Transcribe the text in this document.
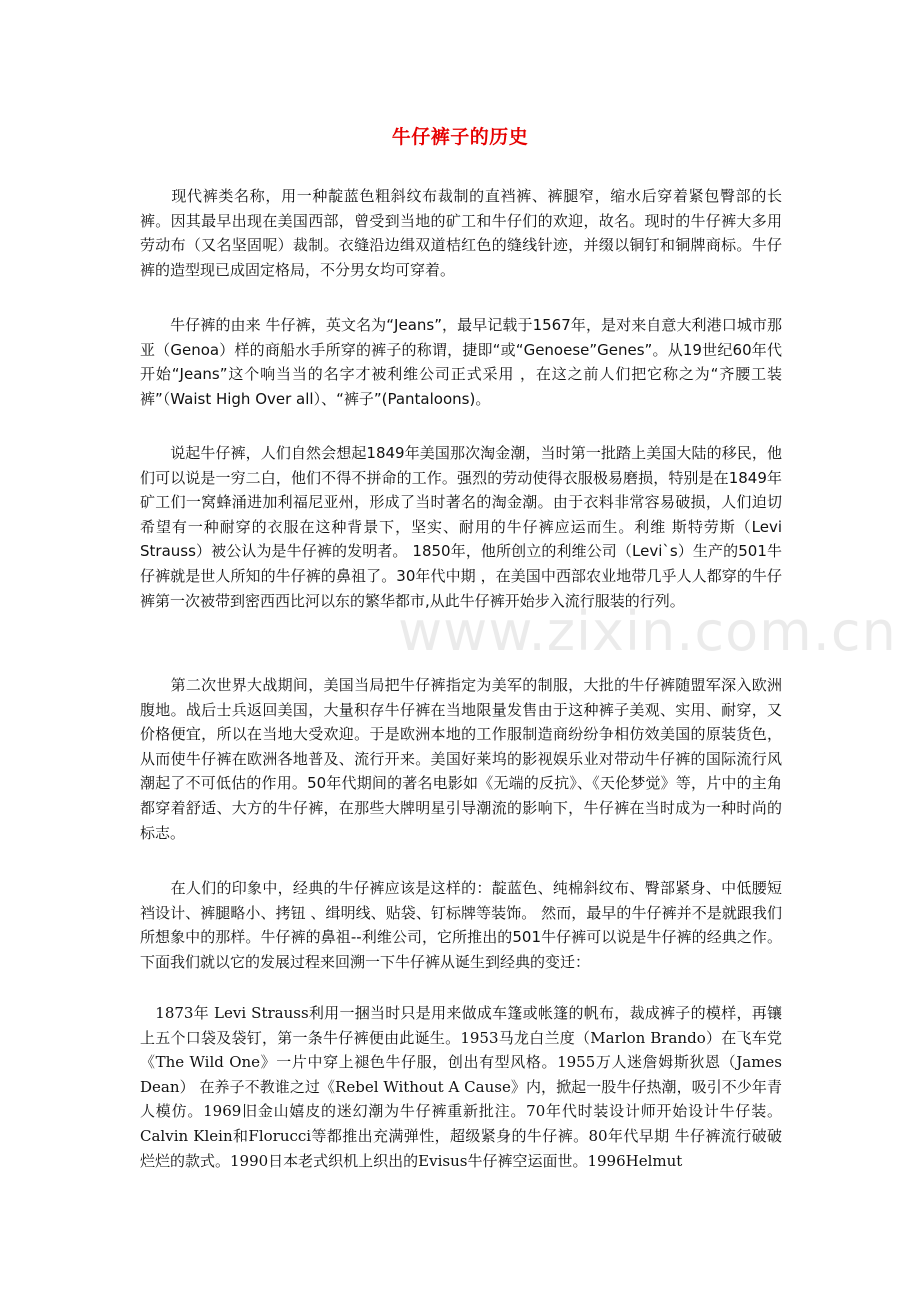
牛仔裤子的历史

　　现代裤类名称，用一种靛蓝色粗斜纹布裁制的直裆裤、裤腿窄，缩水后穿着紧包臀部的长裤。因其最早出现在美国西部，曾受到当地的矿工和牛仔们的欢迎，故名。现时的牛仔裤大多用劳动布（又名坚固呢）裁制。衣缝沿边缉双道桔红色的缝线针迹，并缀以铜钉和铜牌商标。牛仔裤的造型现已成固定格局，不分男女均可穿着。

　　牛仔裤的由来 牛仔裤，英文名为“Jeans”，最早记载于1567年，是对来自意大利港口城市那亚（Genoa）样的商船水手所穿的裤子的称谓，捷即“或“Genoese”Genes”。从19世纪60年代开始“Jeans”这个响当当的名字才被利维公司正式采用 ，在这之前人们把它称之为“齐腰工装裤”（Waist High Over all）、“裤子”(Pantaloons)。

　　说起牛仔裤，人们自然会想起1849年美国那次淘金潮，当时第一批踏上美国大陆的移民，他们可以说是一穷二白，他们不得不拼命的工作。强烈的劳动使得衣服极易磨损，特别是在1849年矿工们一窝蜂涌进加利福尼亚州，形成了当时著名的淘金潮。由于衣料非常容易破损，人们迫切希望有一种耐穿的衣服在这种背景下，坚实、耐用的牛仔裤应运而生。利维 斯特劳斯（Levi Strauss）被公认为是牛仔裤的发明者。 1850年，他所创立的利维公司（Levi`s）生产的501牛仔裤就是世人所知的牛仔裤的鼻祖了。30年代中期 ，在美国中西部农业地带几乎人人都穿的牛仔裤第一次被带到密西西比河以东的繁华都市,从此牛仔裤开始步入流行服装的行列。

　　第二次世界大战期间，美国当局把牛仔裤指定为美军的制服，大批的牛仔裤随盟军深入欧洲腹地。战后士兵返回美国，大量积存牛仔裤在当地限量发售由于这种裤子美观、实用、耐穿，又价格便宜，所以在当地大受欢迎。于是欧洲本地的工作服制造商纷纷争相仿效美国的原装货色，从而使牛仔裤在欧洲各地普及、流行开来。美国好莱坞的影视娱乐业对带动牛仔裤的国际流行风潮起了不可低估的作用。50年代期间的著名电影如《无端的反抗》、《天伦梦觉》等，片中的主角都穿着舒适、大方的牛仔裤，在那些大牌明星引导潮流的影响下，牛仔裤在当时成为一种时尚的标志。

　　在人们的印象中，经典的牛仔裤应该是这样的：靛蓝色、纯棉斜纹布、臀部紧身、中低腰短裆设计、裤腿略小、拷钮 、缉明线、贴袋、钉标牌等装饰。 然而，最早的牛仔裤并不是就跟我们所想象中的那样。牛仔裤的鼻祖--利维公司，它所推出的501牛仔裤可以说是牛仔裤的经典之作。 下面我们就以它的发展过程来回溯一下牛仔裤从诞生到经典的变迁：

　1873年 Levi Strauss利用一捆当时只是用来做成车篷或帐篷的帆布，裁成裤子的模样，再镶上五个口袋及袋钉，第一条牛仔裤便由此诞生。1953马龙白兰度（Marlon Brando）在飞车党《The Wild One》一片中穿上褪色牛仔服，创出有型风格。1955万人迷詹姆斯狄恩（James Dean） 在养子不教谁之过《Rebel Without A Cause》内，掀起一股牛仔热潮，吸引不少年青人模仿。1969旧金山嬉皮的迷幻潮为牛仔裤重新批注。70年代时装设计师开始设计牛仔装。Calvin Klein和Florucci等都推出充满弹性，超级紧身的牛仔裤。80年代早期 牛仔裤流行破破烂烂的款式。1990日本老式织机上织出的Evisus牛仔裤空运面世。1996Helmut

www.zixin.com.cn
